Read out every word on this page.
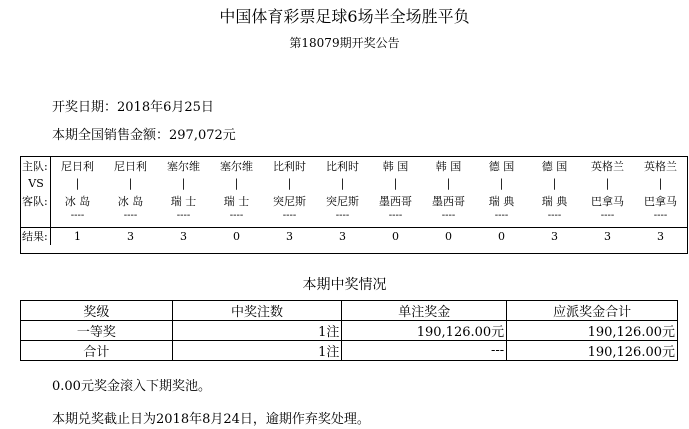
中国体育彩票足球6场半全场胜平负
第18079期开奖公告
开奖日期：2018年6月25日
本期全国销售金额：297,072元
主队:	尼日利	尼日利	塞尔维	塞尔维	比利时	比利时	韩 国	韩 国	德 国	德 国	英格兰	英格兰
VS	|	|	|	|	|	|	|	|	|	|	|	|
客队:	冰 岛	冰 岛	瑞 士	瑞 士	突尼斯	突尼斯	墨西哥	墨西哥	瑞 典	瑞 典	巴拿马	巴拿马
----	----	----	----	----	----	----	----	----	----	----	----
结果:	1	3	3	0	3	3	0	0	0	3	3	3
本期中奖情况
奖级	中奖注数	单注奖金	应派奖金合计
一等奖	1注	190,126.00元	190,126.00元
合计	1注	---	190,126.00元
0.00元奖金滚入下期奖池。
本期兑奖截止日为2018年8月24日，逾期作弃奖处理。
